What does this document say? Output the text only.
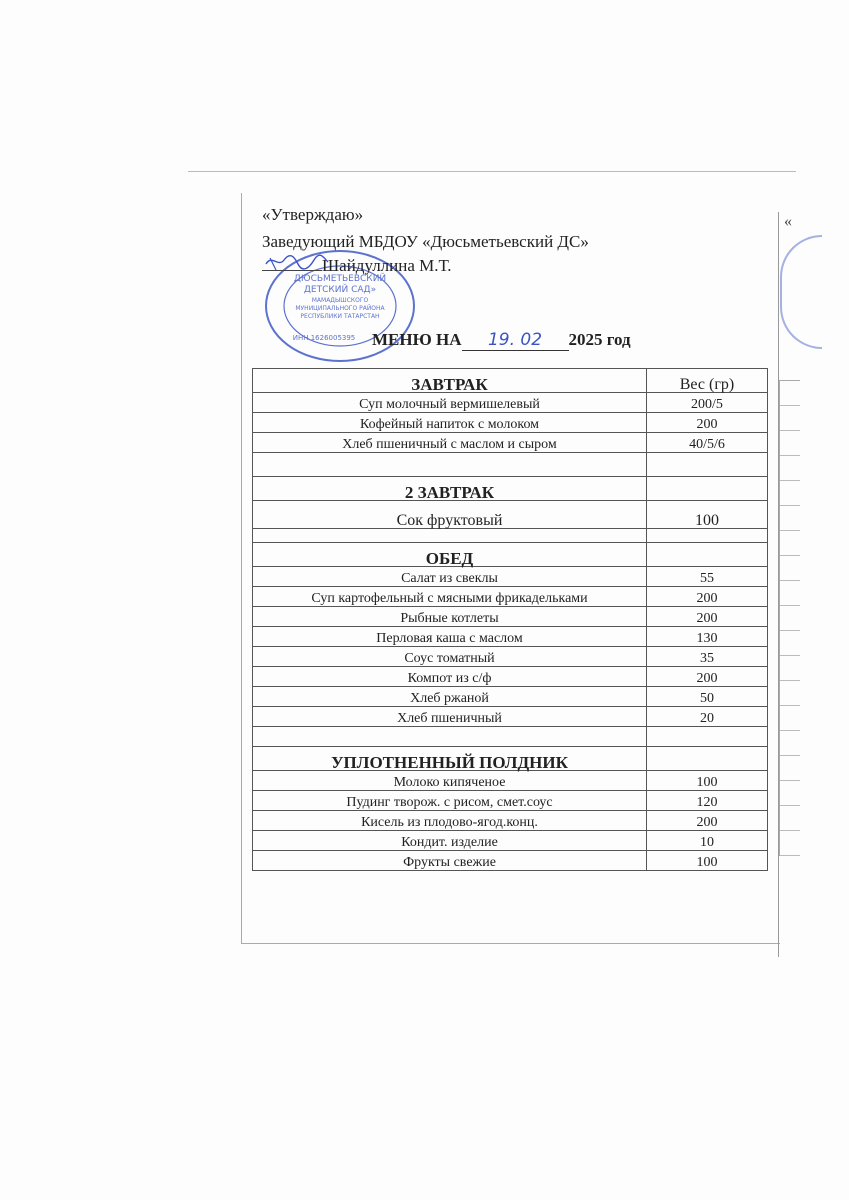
«
ДЮСЬМЕТЬЕВСКИЙ
ДЕТСКИЙ САД»
МАМАДЫШСКОГО
МУНИЦИПАЛЬНОГО РАЙОНА
РЕСПУБЛИКИ ТАТАРСТАН
ИНН 1626005395
«Утверждаю»
Заведующий МБДОУ «Дюсьметьевский ДС»
Шайдуллина М.Т.
МЕНЮ НА 19. 02 2025 год
ЗАВТРАК	Вес (гр)
Суп молочный вермишелевый	200/5
Кофейный напиток с молоком	200
Хлеб пшеничный с маслом и сыром	40/5/6

2 ЗАВТРАК	
Сок фруктовый	100

ОБЕД	
Салат из свеклы	55
Суп картофельный с мясными фрикадельками	200
Рыбные котлеты	200
Перловая каша с маслом	130
Соус томатный	35
Компот из с/ф	200
Хлеб ржаной	50
Хлеб пшеничный	20

УПЛОТНЕННЫЙ ПОЛДНИК	
Молоко кипяченое	100
Пудинг творож. с рисом, смет.соус	120
Кисель из плодово-ягод.конц.	200
Кондит. изделие	10
Фрукты свежие	100
